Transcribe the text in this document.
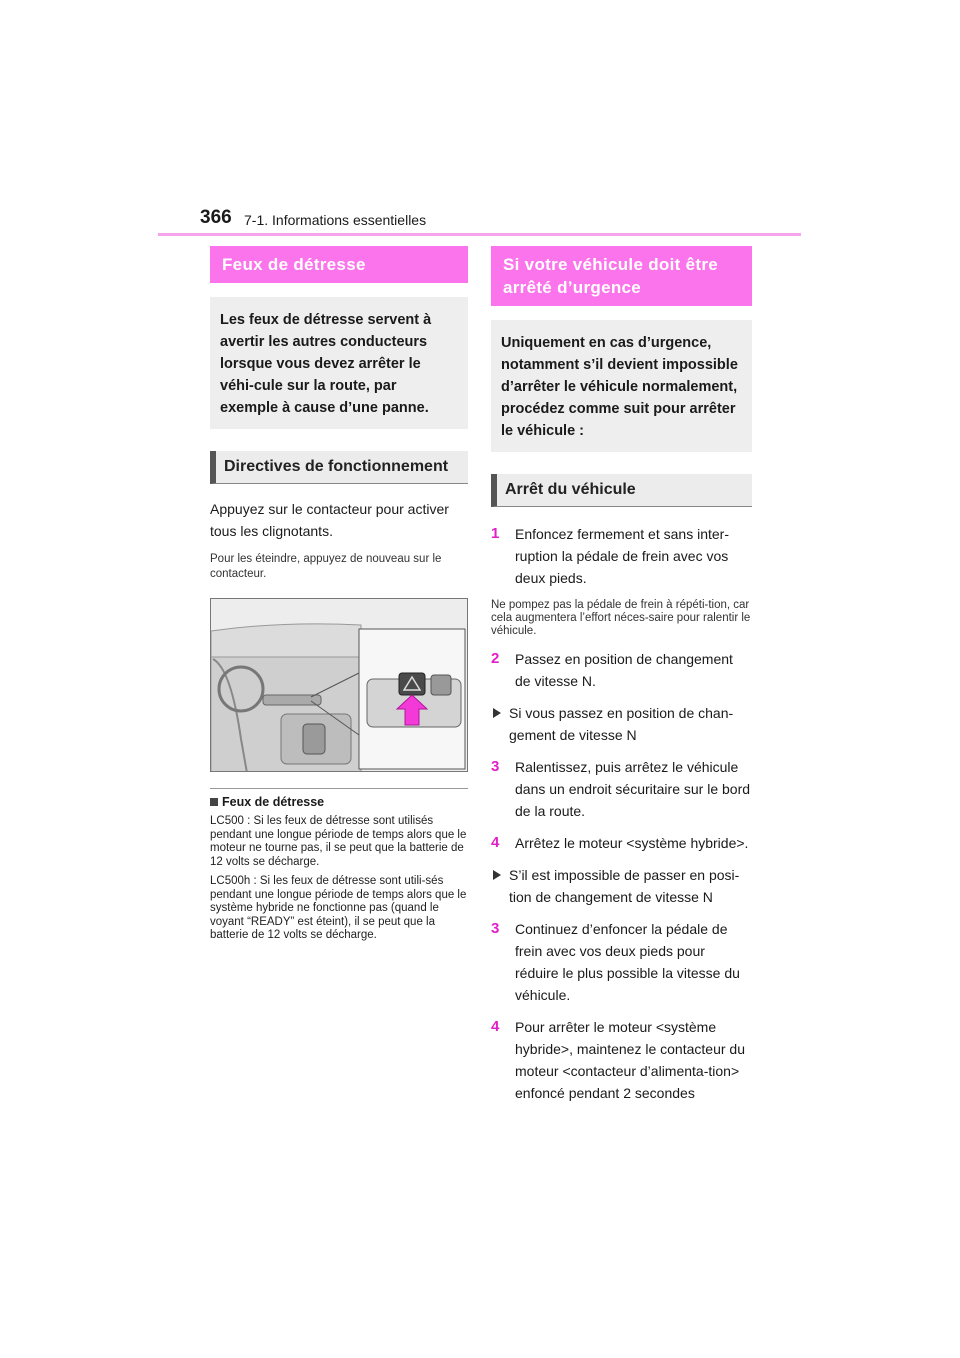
366 7-1. Informations essentielles
Feux de détresse
Les feux de détresse servent à avertir les autres conducteurs lorsque vous devez arrêter le véhi-cule sur la route, par exemple à cause d’une panne.
Directives de fonctionnement

Appuyez sur le contacteur pour activer tous les clignotants.

Pour les éteindre, appuyez de nouveau sur le contacteur.

Feux de détresse

LC500 : Si les feux de détresse sont utilisés pendant une longue période de temps alors que le moteur ne tourne pas, il se peut que la batterie de 12 volts se décharge.

LC500h : Si les feux de détresse sont utili-sés pendant une longue période de temps alors que le système hybride ne fonctionne pas (quand le voyant “READY” est éteint), il se peut que la batterie de 12 volts se décharge.

Si votre véhicule doit être arrêté d’urgence
Uniquement en cas d’urgence, notamment s’il devient impossible d’arrêter le véhicule normalement, procédez comme suit pour arrêter le véhicule :
Arrêt du véhicule
1 Enfoncez fermement et sans inter-ruption la pédale de frein avec vos deux pieds.

Ne pompez pas la pédale de frein à répéti-tion, car cela augmentera l’effort néces-saire pour ralentir le véhicule.

2 Passez en position de changement de vitesse N.
Si vous passez en position de chan-gement de vitesse N
3 Ralentissez, puis arrêtez le véhicule dans un endroit sécuritaire sur le bord de la route.
4 Arrêtez le moteur <système hybride>.
S’il est impossible de passer en posi-tion de changement de vitesse N
3 Continuez d’enfoncer la pédale de frein avec vos deux pieds pour réduire le plus possible la vitesse du véhicule.
4 Pour arrêter le moteur <système hybride>, maintenez le contacteur du moteur <contacteur d’alimenta-tion> enfoncé pendant 2 secondes
